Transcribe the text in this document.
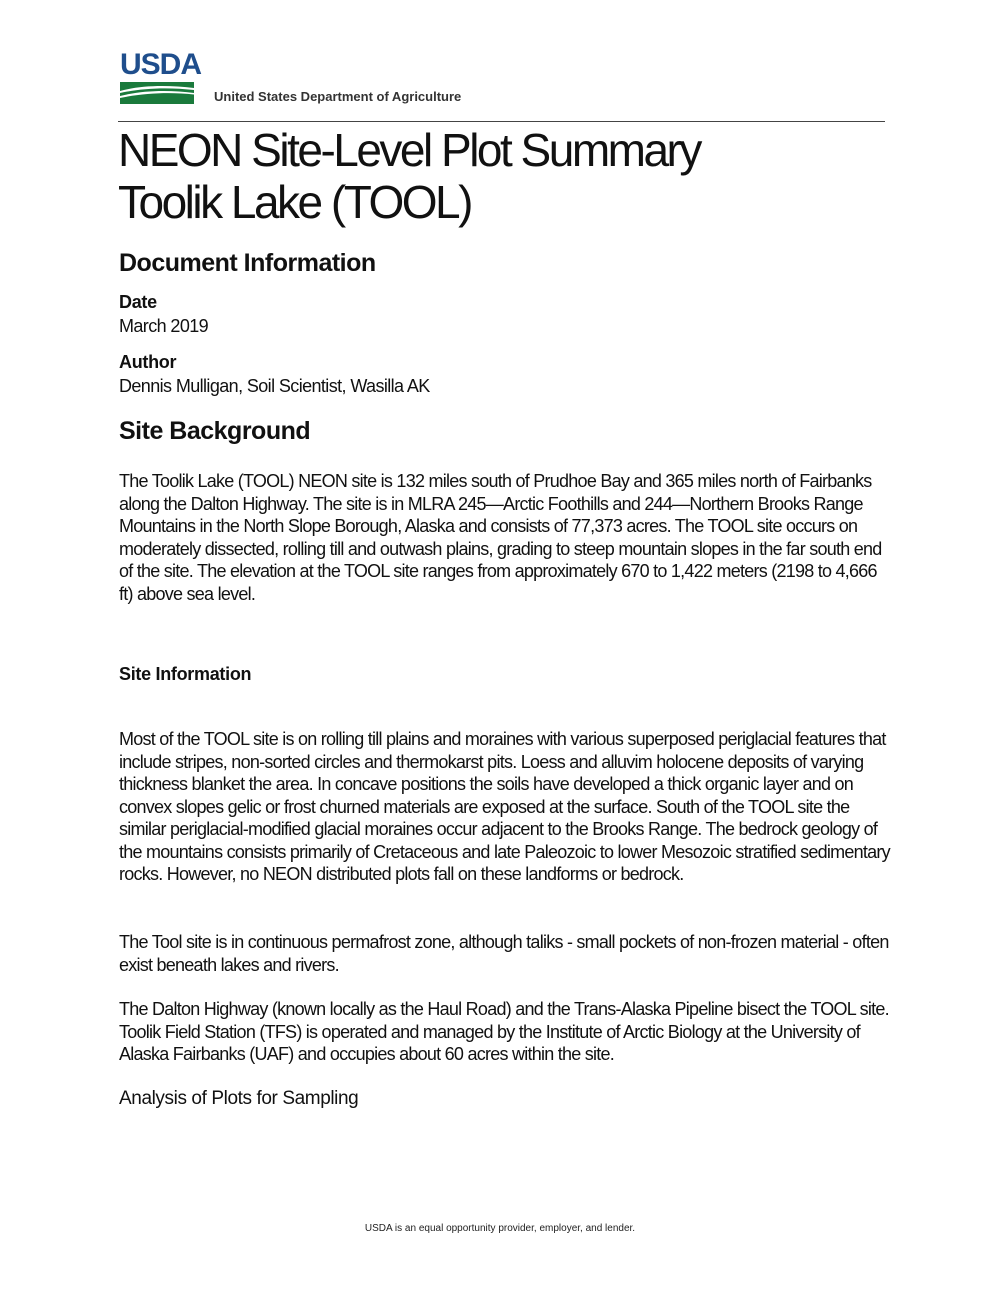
USDA
United States Department of Agriculture
NEON Site-Level Plot Summary
Toolik Lake (TOOL)
Document Information
Date
March 2019
Author
Dennis Mulligan, Soil Scientist, Wasilla AK
Site Background
The Toolik Lake (TOOL) NEON site is 132 miles south of Prudhoe Bay and 365 miles north of Fairbanks along the Dalton Highway. The site is in MLRA 245—Arctic Foothills and 244—Northern Brooks Range Mountains in the North Slope Borough, Alaska and consists of 77,373 acres. The TOOL site occurs on moderately dissected, rolling till and outwash plains, grading to steep mountain slopes in the far south end of the site. The elevation at the TOOL site ranges from approximately 670 to 1,422 meters (2198 to 4,666 ft) above sea level.
Site Information
Most of the TOOL site is on rolling till plains and moraines with various superposed periglacial features that include stripes, non-sorted circles and thermokarst pits. Loess and alluvim holocene deposits of varying thickness blanket the area. In concave positions the soils have developed a thick organic layer and on convex slopes gelic or frost churned materials are exposed at the surface. South of the TOOL site the similar periglacial-modified glacial moraines occur adjacent to the Brooks Range. The bedrock geology of the mountains consists primarily of Cretaceous and late Paleozoic to lower Mesozoic stratified sedimentary rocks. However, no NEON distributed plots fall on these landforms or bedrock.
The Tool site is in continuous permafrost zone, although taliks - small pockets of non-frozen material - often exist beneath lakes and rivers.
The Dalton Highway (known locally as the Haul Road) and the Trans-Alaska Pipeline bisect the TOOL site. Toolik Field Station (TFS) is operated and managed by the Institute of Arctic Biology at the University of Alaska Fairbanks (UAF) and occupies about 60 acres within the site.
Analysis of Plots for Sampling
USDA is an equal opportunity provider, employer, and lender.
